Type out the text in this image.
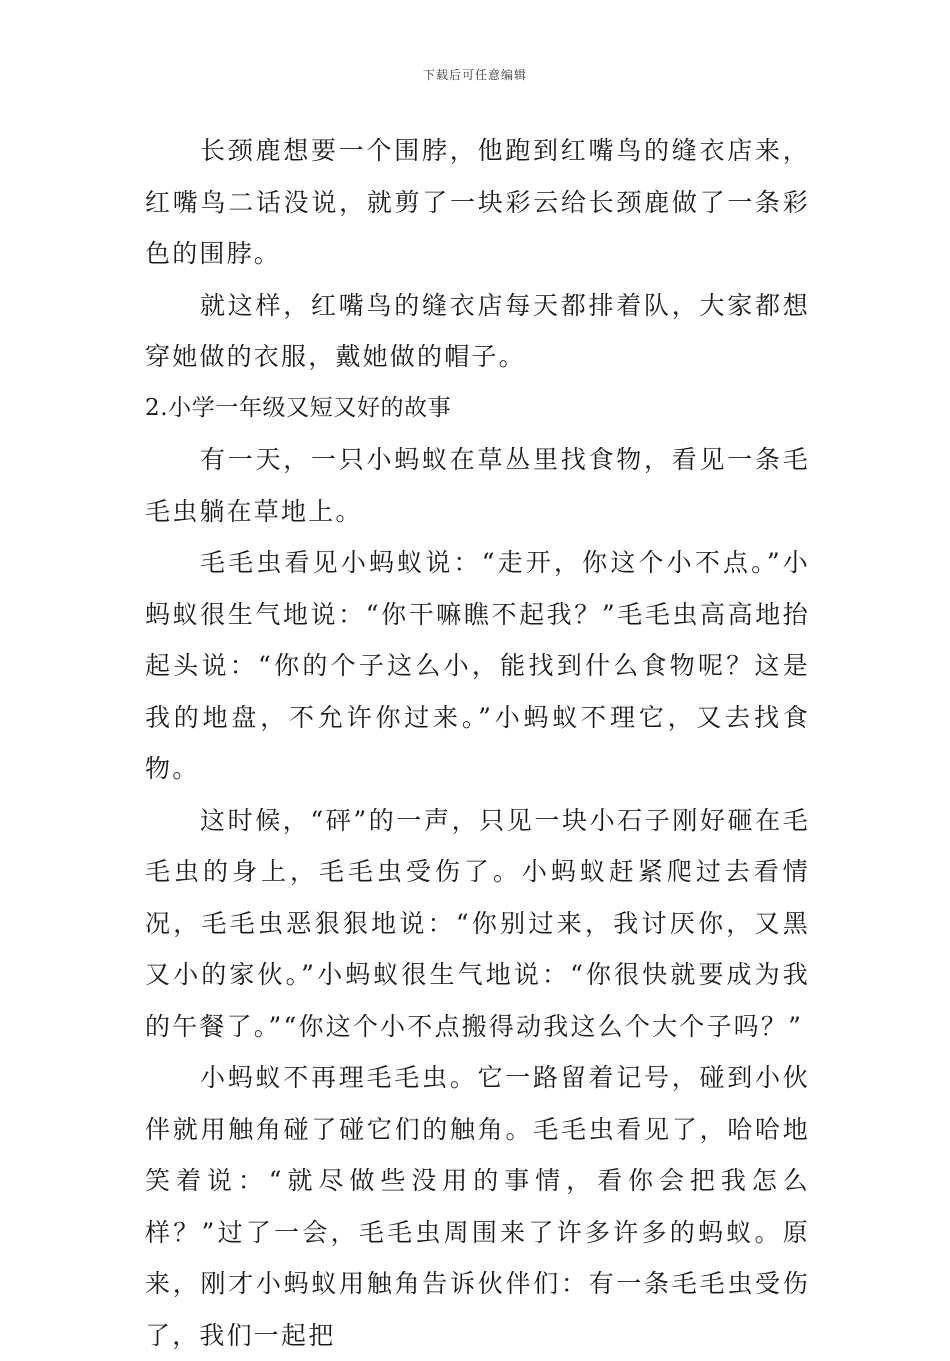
下载后可任意编辑

长颈鹿想要一个围脖，他跑到红嘴鸟的缝衣店来，红嘴鸟二话没说，就剪了一块彩云给长颈鹿做了一条彩色的围脖。

就这样，红嘴鸟的缝衣店每天都排着队，大家都想穿她做的衣服，戴她做的帽子。

2.小学一年级又短又好的故事

有一天，一只小蚂蚁在草丛里找食物，看见一条毛毛虫躺在草地上。

毛毛虫看见小蚂蚁说：“走开，你这个小不点。”小蚂蚁很生气地说：“你干嘛瞧不起我？”毛毛虫高高地抬起头说：“你的个子这么小，能找到什么食物呢？这是我的地盘，不允许你过来。”小蚂蚁不理它，又去找食物。

这时候，“砰”的一声，只见一块小石子刚好砸在毛毛虫的身上，毛毛虫受伤了。小蚂蚁赶紧爬过去看情况，毛毛虫恶狠狠地说：“你别过来，我讨厌你，又黑又小的家伙。”小蚂蚁很生气地说：“你很快就要成为我的午餐了。”“你这个小不点搬得动我这么个大个子吗？”

小蚂蚁不再理毛毛虫。它一路留着记号，碰到小伙伴就用触角碰了碰它们的触角。毛毛虫看见了，哈哈地笑着说：“就尽做些没用的事情，看你会把我怎么样？”过了一会，毛毛虫周围来了许多许多的蚂蚁。原来，刚才小蚂蚁用触角告诉伙伴们：有一条毛毛虫受伤了，我们一起把
